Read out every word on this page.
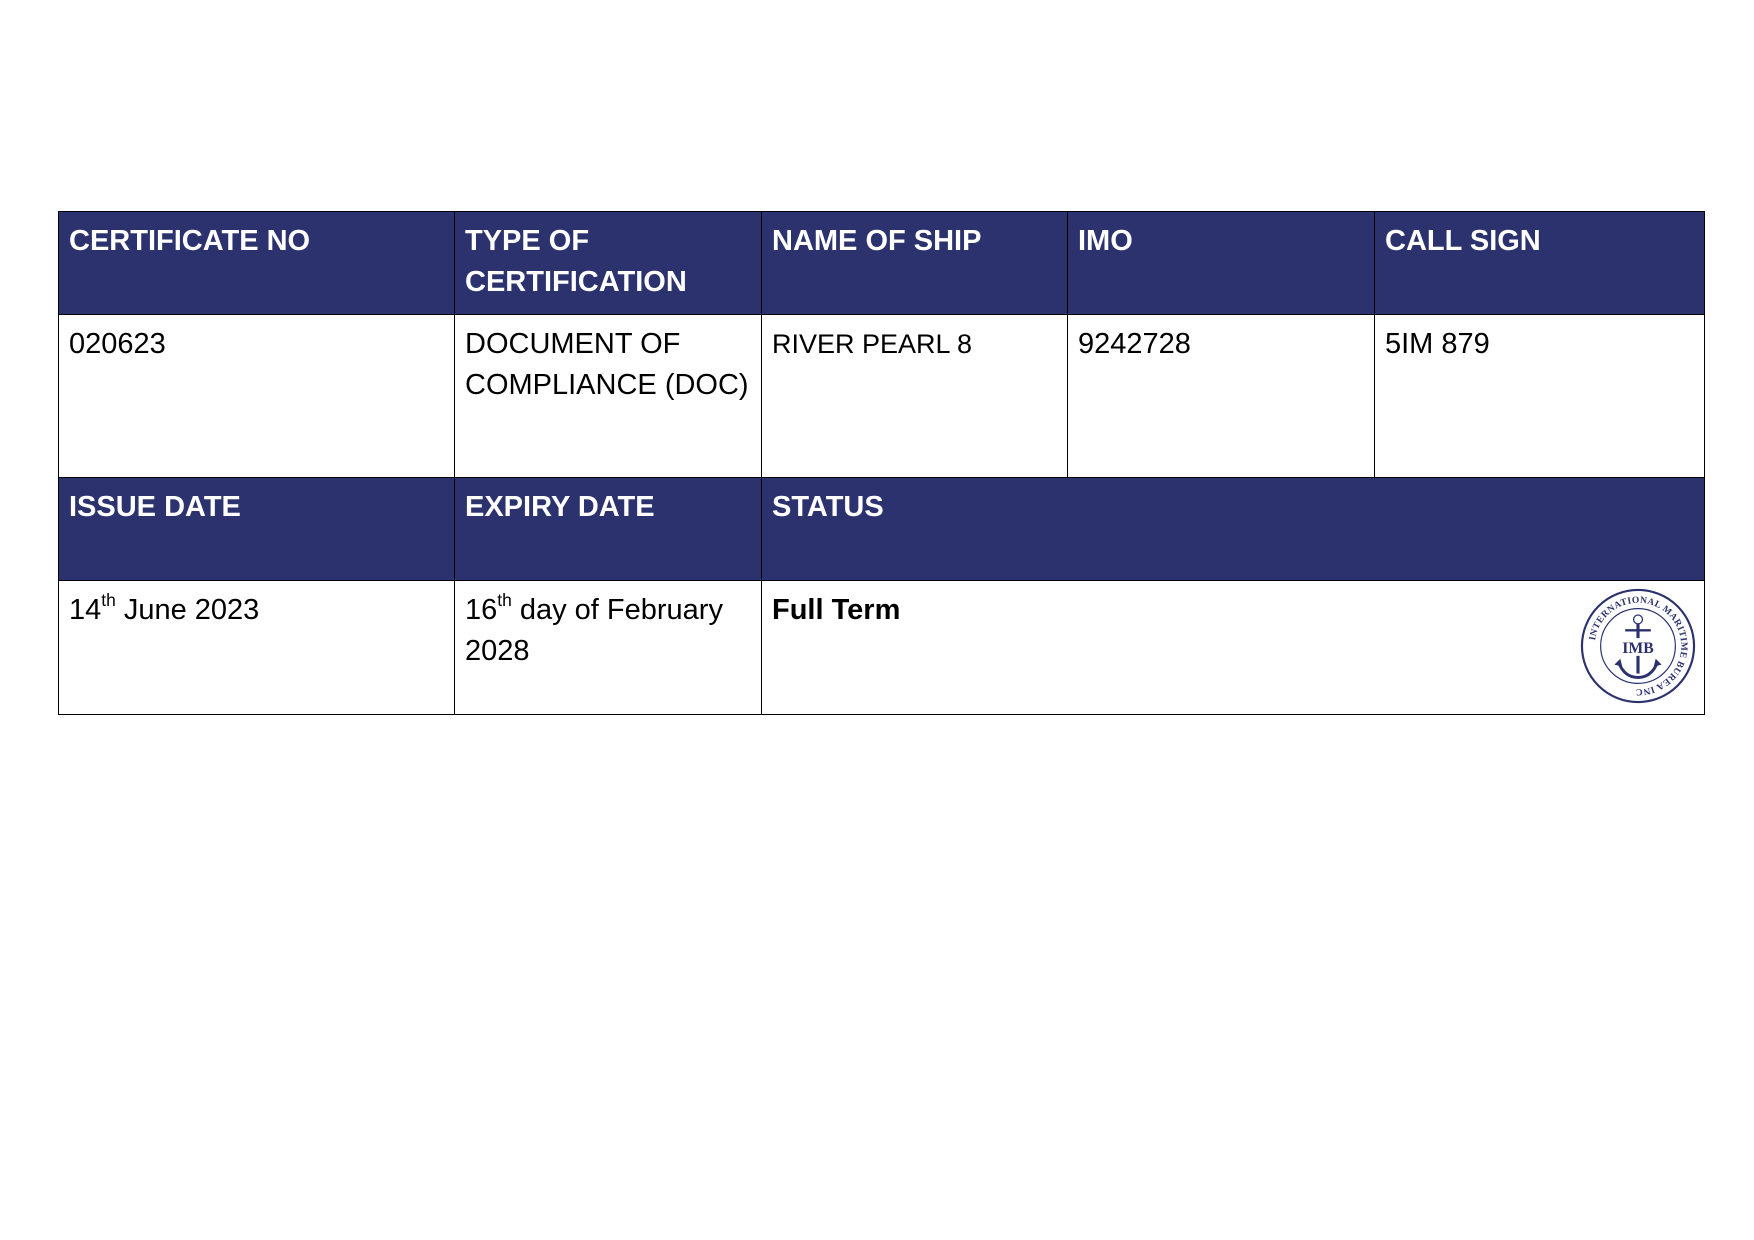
CERTIFICATE NO	TYPE OF CERTIFICATION	NAME OF SHIP	IMO	CALL SIGN
020623	DOCUMENT OF COMPLIANCE (DOC)	RIVER PEARL 8	9242728	5IM 879
ISSUE DATE	EXPIRY DATE	STATUS		
14th June 2023	16th day of February 2028	Full Term
INTERNATIONAL MARITIME BUREA INC
IMB		
